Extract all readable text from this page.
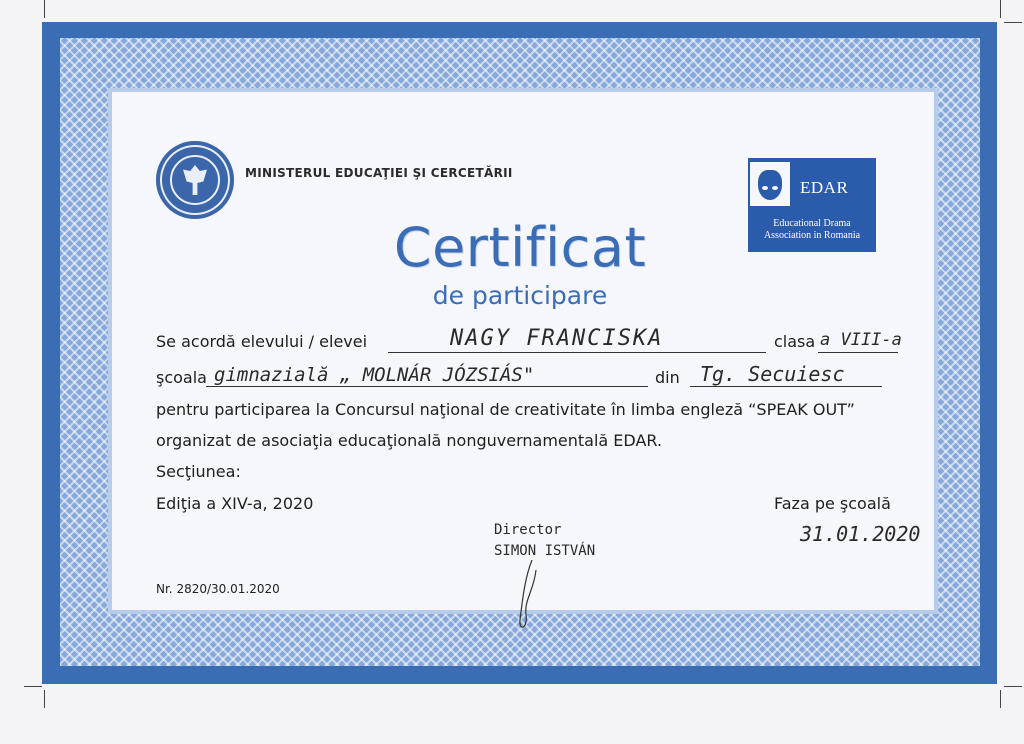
MINISTERUL EDUCAŢIEI ŞI CERCETĂRII
EDAR
Educational Drama
Association in Romania
Certificat
de participare
Se acordă elevului / elevei	NAGY FRANCISKA	clasa a VIII-a
şcoala gimnazială „ MOLNÁR JÓZSIÁS"	din Tg. Secuiesc
pentru participarea la Concursul naţional de creativitate în limba engleză “SPEAK OUT”
organizat de asociaţia educaţională nonguvernamentală EDAR.
Secţiunea:
Ediţia a XIV-a, 2020	Faza pe şcoală
31.01.2020
Director
SIMON ISTVÁN
Nr. 2820/30.01.2020
